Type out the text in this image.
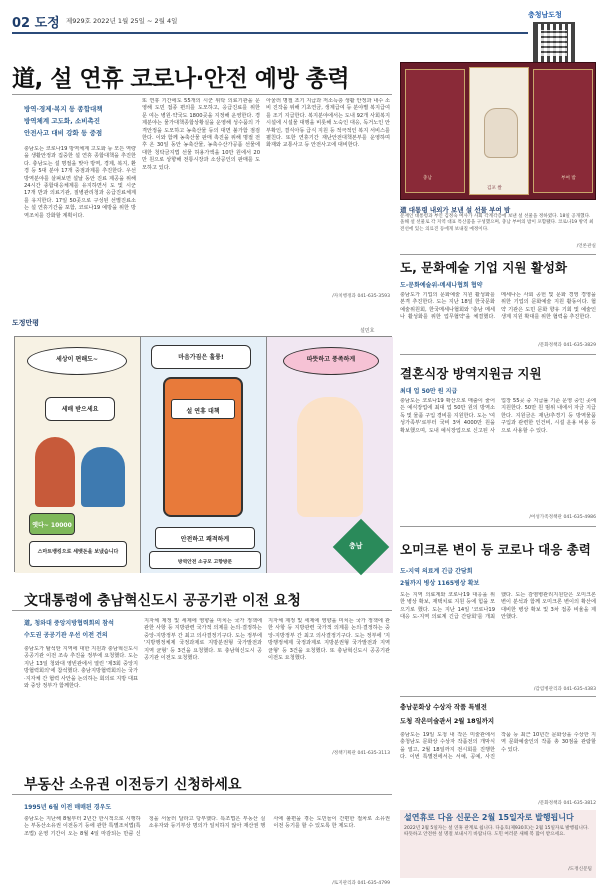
02 도정 제929호 2022년 1월 25일 ~ 2월 4일
충청남도청
道, 설 연휴 코로나·안전 예방 총력
방역·경제·복지 등 종합대책
방역체계 고도화, 소비촉진
안전사고 대비 강화 등 중점
충남도는 코로나19 방역체계 고도화 등 모든 역량을 생활안정과 집중한 설 연휴 종합대책을 추진한다. 충남도는 설 명절을 맞아 방역, 경제, 복지, 환경 등 5대 분야 17개 중점과제를 추진한다. 우선 방역분야를 살펴보면 설날 동안 진료 제공을 위해 24시간 종합대응체계를 유지하면서 도 및 시군 17개 반과 의료기관, 질병관리청과 응급진료체계를 유지한다. 17일 50곳으로 구성된 선별진료소는 설 연휴기간을 포함, 코로나19 예방을 위한 방역조치를 강화할 계획이다.
또 연휴 기간에도 55개의 시군 위탁 의료기관을 운영해 도민 접종 편의를 도모하고, 응급진료를 위한 문 여는 병원·약국도 1800곳을 지정해 운영한다. 경제분야는 물가대책종합상황실을 운영해 성수품의 가격안정을 도모하고 농축산물 등의 대면 불가함 점검한다. 이와 함께 농축산물 판매 촉진을 위해 명절 전후 온 30일 동안 농축산물, 농축수산가공품 선물에 대한 청탁금지법 선물 허용가액을 10만 원에서 20만 원으로 상향해 전통시장과 소상공인의 판매를 도모하고 있다.
아울러 명절 조기 지급과 저소득층 생활 안정과 내수 소비 진작을 위해 기초연금, 생계급여 등 분야별 복지급여를 조기 지급한다. 복지분야에서는 도내 92개 사회복지시설에 시설물 대행을 비롯해 노숙인 대응, 독거노인 안부확인, 결식아동 급식 지원 등 적극적인 복지 서비스를 펼친다. 또한 연휴기간 재난안전대책본부를 운영하며 화재와 교통사고 등 안전사고에 대비한다.
/자치행정과 041-635-3593
충남
김포 쌀
부여 밤
道 대통령 내외가 보낸 설 선물 부여 밤
문재인 대통령과 부인 김정숙 여사가 사회 각계각층에 보낸 설 선물을 정하였다. 18일 공개했다. 올해 설 선물로 각 지역 대표 특산품을 구성했으며, 충남 부여의 밤이 포함됐다. 코로나19 방역 최전선에 있는 의료진 등에게 보내질 예정이다.
/언론관실
도정만평
설민호
세상이 편해도~
세배 받으세요
옛다~ 10000
스마트뱅킹으로 세뱃돈을 보냈습니다
마음가짐은 훌륭!
설 연휴 대책
안전하고 쾌적하게
방역안전 소규모 고향방문
따뜻하고 풍족하게
충남
文대통령에 충남혁신도시 공공기관 이전 요청
道, 청와대 중앙지방협력회의 참석
수도권 공공기관 우선 이전 건의
충남도가 탈석탄 지역에 대한 지원과 충남혁신도시 공공기관 이전 조속 추진을 정부에 요청했다. 도는 지난 13일 청와대 영빈관에서 열린 '제3회 중앙지방협력회의'에 참석했다. 충남지방협력회의는 국가·지자체 간 협력 사안을 논의하는 회의로 지방 대표와 중앙 정부가 함께한다.
지자체 제정 및 세제에 영향을 미치는 국가 정책에 관한 사항 등 지방관련 국가적 의제를 논의·결정하는 중앙-지방정부 간 최고 의사결정기구다. 도는 정부에 '지방행정체제 국정과제로 지방분권형 국가발전과 지역 균형' 등 3건을 요청했다. 또 충남혁신도시 공공기관 이전도 요청했다.
지자체 제정 및 세제에 영향을 미치는 국가 정책에 관한 사항 등 지방관련 국가적 의제를 논의·결정하는 중앙-지방정부 간 최고 의사결정기구다. 도는 정부에 '지방행정체제 국정과제로 지방분권형 국가발전과 지역 균형' 등 3건을 요청했다. 또 충남혁신도시 공공기관 이전도 요청했다.
/정책기획관 041-635-3113
부동산 소유권 이전등기 신청하세요
1995년 6월 이전 매매된 경우도
충남도는 지난해 8월부터 2년간 한시적으로 시행하는 부동산소유권 이전등기 등에 관한 특별조치법(특조법) 운영 기간이 오는 8월 4일 마감되는 만큼 신청을 서둘러 달라고 당부했다. 특조법은 부동산 실소유자와 등기부상 명의가 일치하지 않아 재산권 행사에 불편을 겪는 도민들이 간편한 절차로 소유권 이전 등기를 할 수 있도록 한 제도다.
/토지관리과 041-635-4799
도, 문화예술 기업 지원 활성화
도-문화예술위-메세나협회 협약
충남도가 기업의 문화예술 지원 활성화를 본격 추진한다. 도는 지난 18일 한국문화예술위원회, 한국메세나협회와 '충남 메세나 활성화를 위한 업무협약'을 체결했다. 메세나는 사회 공헌 및 문화 경영 경영을 위한 기업의 문화예술 지원 활동이다. 협약 기관은 도민 문화 향유 기회 및 예술인 생계 지원 확대를 위한 협력을 추진한다.
/문화정책과 041-635-3829
결혼식장 방역지원금 지원
최대 업 50만 원 지급
충남도는 코로나19 확산으로 매출이 줄어든 예식장업에 최대 업 50만 원의 방역소독 및 물품 구입 경비를 지원한다. 도는 '여성가족부'로부터 국비 3억 4000만 원을 확보했으며, 도내 예식장업으로 신고된 사업장 55곳 중 지급률 기준 운영 중인 곳에 지원한다. 50만 원 범위 내에서 자금 지급한다. 지원금은 재난/추경기 등 방역물품 구입과 관련한 인건비, 시설 운용 비용 등으로 사용할 수 있다.
/여성가족정책관 041-635-4986
오미크론 변이 등 코로나 대응 총력
도-지역 의료계 긴급 간담회
2월까지 병상 1165병상 확보
도는 지역 의료계와 코로나19 대응을 위한 병상 확보, 재택치료 지원 등에 힘을 모으기로 했다. 도는 지난 14일 '코로나19 대응 도-지역 의료계 긴급 간담회'를 개최했다. 도는 감염병관리지원단은 오미크론 변이 분석과 함께 오미크론 변이의 확산에 대비한 병상 확보 및 3차 접종 비율을 제안했다.
/감염병관리과 041-635-4383
충남문화상 수상자 작품 특별전
도청 작은미술관서 2월 18일까지
충남도는 19일 도청 내 작은 미술관에서 충청남도 문화상 수상자 작품전의 개막식을 열고, 2월 18일까지 전시회를 진행한다. 이번 특별전에서는 서예, 공예, 사진 작품 등 최근 10년간 문화상을 수상한 지역 문화예술인의 작품 총 30점을 관람할 수 있다.
/문화정책과 041-635-3812
설연휴로 다음 신문은 2월 15일자로 발행됩니다
2022년 2월 5일자는 설 연휴 관계로 쉽니다. 다음호(제930호)는 2월 15일자로 발행됩니다. 따뜻하고 안전한 설 명절 보내시기 바랍니다. 도민 여러분 새해 복 많이 받으세요.
/도정신문팀
